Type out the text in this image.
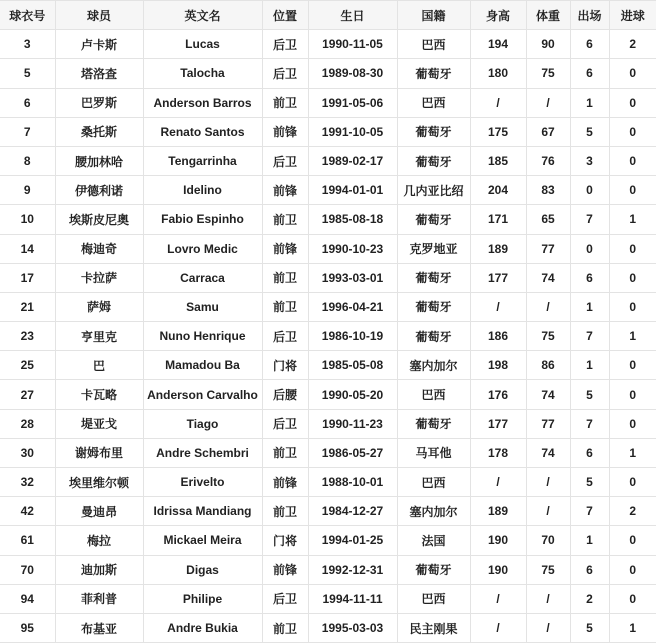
球衣号	球员	英文名	位置	生日	国籍	身高	体重	出场	进球
3	卢卡斯	Lucas	后卫	1990-11-05	巴西	194	90	6	2
5	塔洛查	Talocha	后卫	1989-08-30	葡萄牙	180	75	6	0
6	巴罗斯	Anderson Barros	前卫	1991-05-06	巴西	/	/	1	0
7	桑托斯	Renato Santos	前锋	1991-10-05	葡萄牙	175	67	5	0
8	腰加林哈	Tengarrinha	后卫	1989-02-17	葡萄牙	185	76	3	0
9	伊德利诺	Idelino	前锋	1994-01-01	几内亚比绍	204	83	0	0
10	埃斯皮尼奥	Fabio Espinho	前卫	1985-08-18	葡萄牙	171	65	7	1
14	梅迪奇	Lovro Medic	前锋	1990-10-23	克罗地亚	189	77	0	0
17	卡拉萨	Carraca	前卫	1993-03-01	葡萄牙	177	74	6	0
21	萨姆	Samu	前卫	1996-04-21	葡萄牙	/	/	1	0
23	亨里克	Nuno Henrique	后卫	1986-10-19	葡萄牙	186	75	7	1
25	巴	Mamadou Ba	门将	1985-05-08	塞内加尔	198	86	1	0
27	卡瓦略	Anderson Carvalho	后腰	1990-05-20	巴西	176	74	5	0
28	堤亚戈	Tiago	后卫	1990-11-23	葡萄牙	177	77	7	0
30	谢姆布里	Andre Schembri	前卫	1986-05-27	马耳他	178	74	6	1
32	埃里维尔顿	Erivelto	前锋	1988-10-01	巴西	/	/	5	0
42	曼迪昂	Idrissa Mandiang	前卫	1984-12-27	塞内加尔	189	/	7	2
61	梅拉	Mickael Meira	门将	1994-01-25	法国	190	70	1	0
70	迪加斯	Digas	前锋	1992-12-31	葡萄牙	190	75	6	0
94	菲利普	Philipe	后卫	1994-11-11	巴西	/	/	2	0
95	布基亚	Andre Bukia	前卫	1995-03-03	民主刚果	/	/	5	1
